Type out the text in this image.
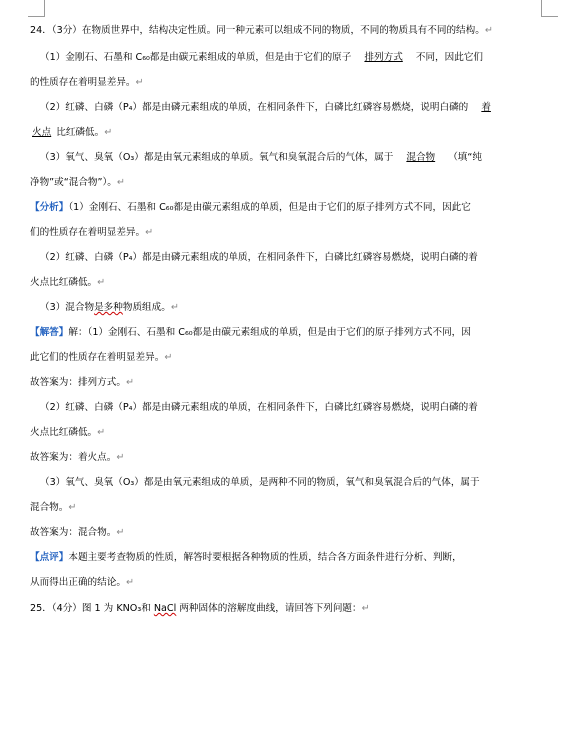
24．（3分）在物质世界中，结构决定性质。同一种元素可以组成不同的物质，不同的物质具有不同的结构。↵
（1）金刚石、石墨和 C₆₀都是由碳元素组成的单质，但是由于它们的原子 排列方式 不同，因此它们
的性质存在着明显差异。↵
（2）红磷、白磷（P₄）都是由磷元素组成的单质，在相同条件下，白磷比红磷容易燃烧，说明白磷的 着
火点 比红磷低。↵
（3）氧气、臭氧（O₃）都是由氧元素组成的单质。氧气和臭氧混合后的气体，属于 混合物 （填“纯
净物”或“混合物”）。↵
【分析】（1）金刚石、石墨和 C₆₀都是由碳元素组成的单质，但是由于它们的原子排列方式不同，因此它
们的性质存在着明显差异。↵
（2）红磷、白磷（P₄）都是由磷元素组成的单质，在相同条件下，白磷比红磷容易燃烧，说明白磷的着
火点比红磷低。↵
（3）混合物是多种物质组成。↵
【解答】解：（1）金刚石、石墨和 C₆₀都是由碳元素组成的单质，但是由于它们的原子排列方式不同，因
此它们的性质存在着明显差异。↵
故答案为：排列方式。↵
（2）红磷、白磷（P₄）都是由磷元素组成的单质，在相同条件下，白磷比红磷容易燃烧，说明白磷的着
火点比红磷低。↵
故答案为：着火点。↵
（3）氧气、臭氧（O₃）都是由氧元素组成的单质，是两种不同的物质，氧气和臭氧混合后的气体，属于
混合物。↵
故答案为：混合物。↵
【点评】本题主要考查物质的性质，解答时要根据各种物质的性质，结合各方面条件进行分析、判断，
从而得出正确的结论。↵
25．（4分）图 1 为 KNO₃和 NaCl 两种固体的溶解度曲线，请回答下列问题：↵
